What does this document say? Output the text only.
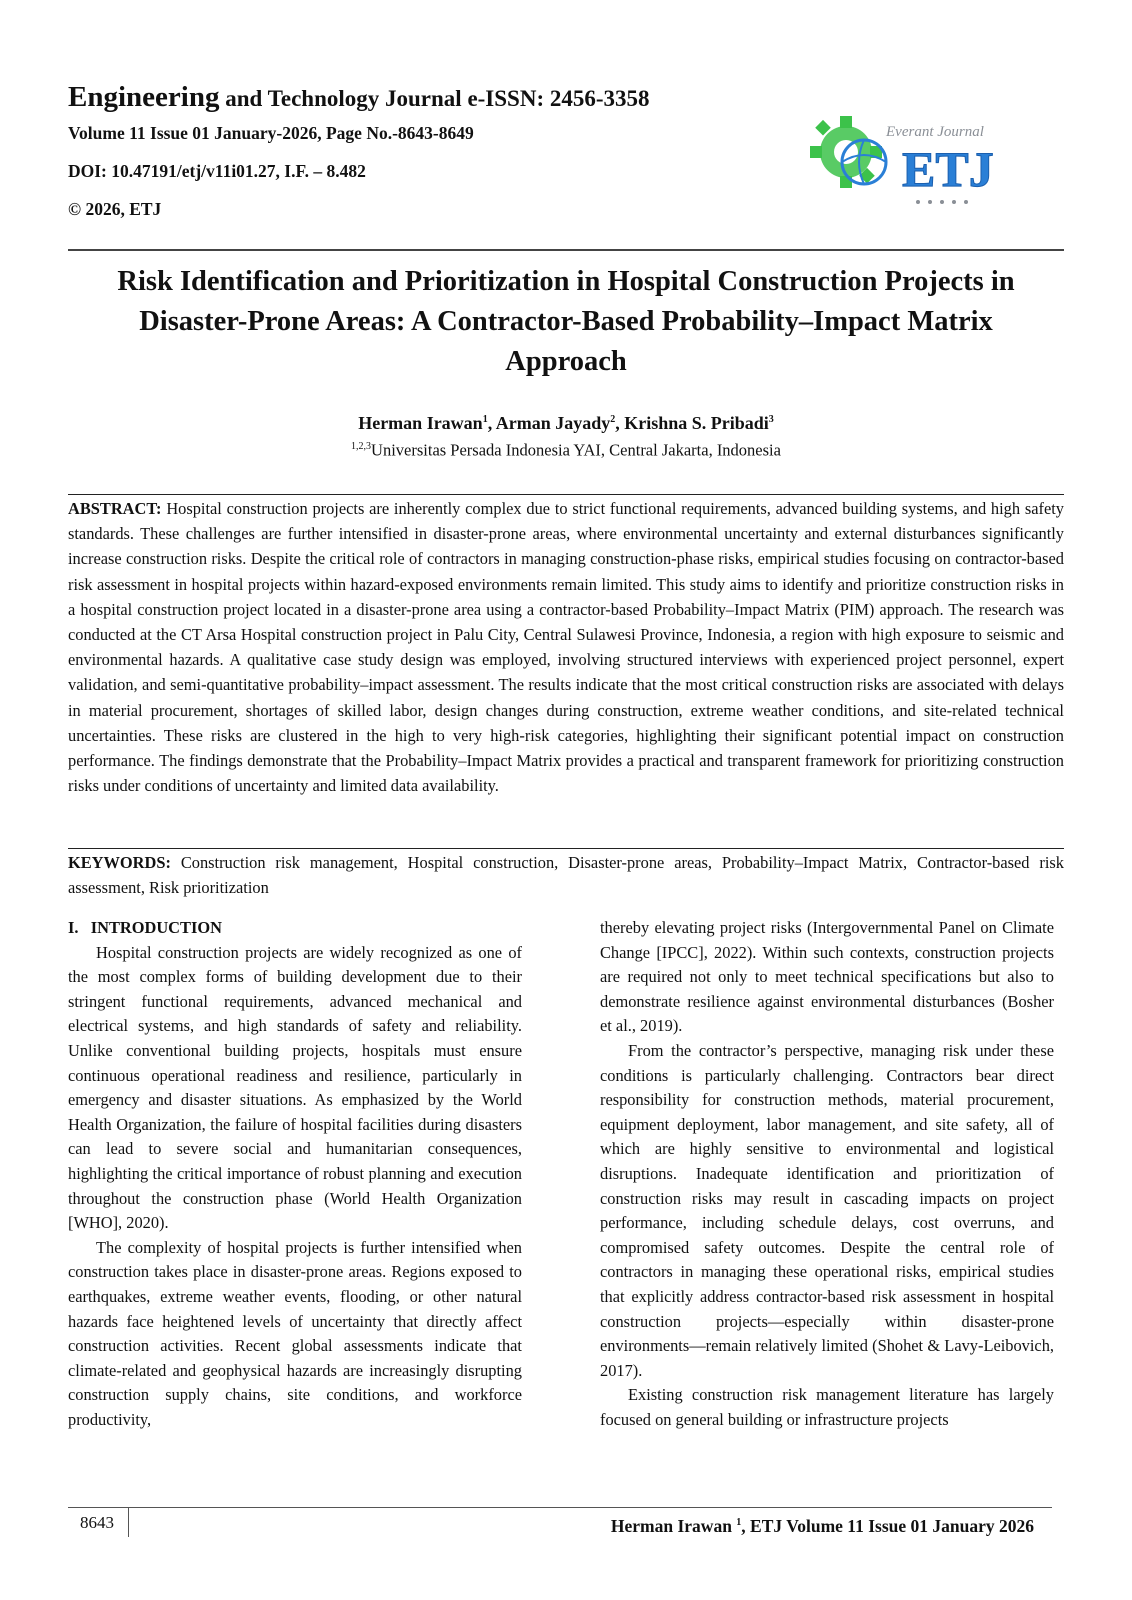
Engineering and Technology Journal e-ISSN: 2456-3358
Volume 11 Issue 01 January-2026, Page No.-8643-8649
DOI: 10.47191/etj/v11i01.27, I.F. – 8.482
© 2026, ETJ
Everant Journal
ETJ
Risk Identification and Prioritization in Hospital Construction Projects in
Disaster-Prone Areas: A Contractor-Based Probability–Impact Matrix
Approach
Herman Irawan$^1$, Arman Jayady$^2$, Krishna S. Pribadi$^3$
$^{1,2,3}$Universitas Persada Indonesia YAI, Central Jakarta, Indonesia

ABSTRACT: Hospital construction projects are inherently complex due to strict functional requirements, advanced building systems, and high safety standards. These challenges are further intensified in disaster-prone areas, where environmental uncertainty and external disturbances significantly increase construction risks. Despite the critical role of contractors in managing construction-phase risks, empirical studies focusing on contractor-based risk assessment in hospital projects within hazard-exposed environments remain limited. This study aims to identify and prioritize construction risks in a hospital construction project located in a disaster-prone area using a contractor-based Probability–Impact Matrix (PIM) approach. The research was conducted at the CT Arsa Hospital construction project in Palu City, Central Sulawesi Province, Indonesia, a region with high exposure to seismic and environmental hazards. A qualitative case study design was employed, involving structured interviews with experienced project personnel, expert validation, and semi-quantitative probability–impact assessment. The results indicate that the most critical construction risks are associated with delays in material procurement, shortages of skilled labor, design changes during construction, extreme weather conditions, and site-related technical uncertainties. These risks are clustered in the high to very high-risk categories, highlighting their significant potential impact on construction performance. The findings demonstrate that the Probability–Impact Matrix provides a practical and transparent framework for prioritizing construction risks under conditions of uncertainty and limited data availability.

KEYWORDS: Construction risk management, Hospital construction, Disaster-prone areas, Probability–Impact Matrix, Contractor-based risk assessment, Risk prioritization

I.   INTRODUCTION

Hospital construction projects are widely recognized as one of the most complex forms of building development due to their stringent functional requirements, advanced mechanical and electrical systems, and high standards of safety and reliability. Unlike conventional building projects, hospitals must ensure continuous operational readiness and resilience, particularly in emergency and disaster situations. As emphasized by the World Health Organization, the failure of hospital facilities during disasters can lead to severe social and humanitarian consequences, highlighting the critical importance of robust planning and execution throughout the construction phase (World Health Organization [WHO], 2020).

The complexity of hospital projects is further intensified when construction takes place in disaster-prone areas. Regions exposed to earthquakes, extreme weather events, flooding, or other natural hazards face heightened levels of uncertainty that directly affect construction activities. Recent global assessments indicate that climate-related and geophysical hazards are increasingly disrupting construction supply chains, site conditions, and workforce productivity,

thereby elevating project risks (Intergovernmental Panel on Climate Change [IPCC], 2022). Within such contexts, construction projects are required not only to meet technical specifications but also to demonstrate resilience against environmental disturbances (Bosher et al., 2019).

From the contractor’s perspective, managing risk under these conditions is particularly challenging. Contractors bear direct responsibility for construction methods, material procurement, equipment deployment, labor management, and site safety, all of which are highly sensitive to environmental and logistical disruptions. Inadequate identification and prioritization of construction risks may result in cascading impacts on project performance, including schedule delays, cost overruns, and compromised safety outcomes. Despite the central role of contractors in managing these operational risks, empirical studies that explicitly address contractor-based risk assessment in hospital construction projects—especially within disaster-prone environments—remain relatively limited (Shohet & Lavy-Leibovich, 2017).

Existing construction risk management literature has largely focused on general building or infrastructure projects

8643	Herman Irawan $^1$, ETJ Volume 11 Issue 01 January 2026
